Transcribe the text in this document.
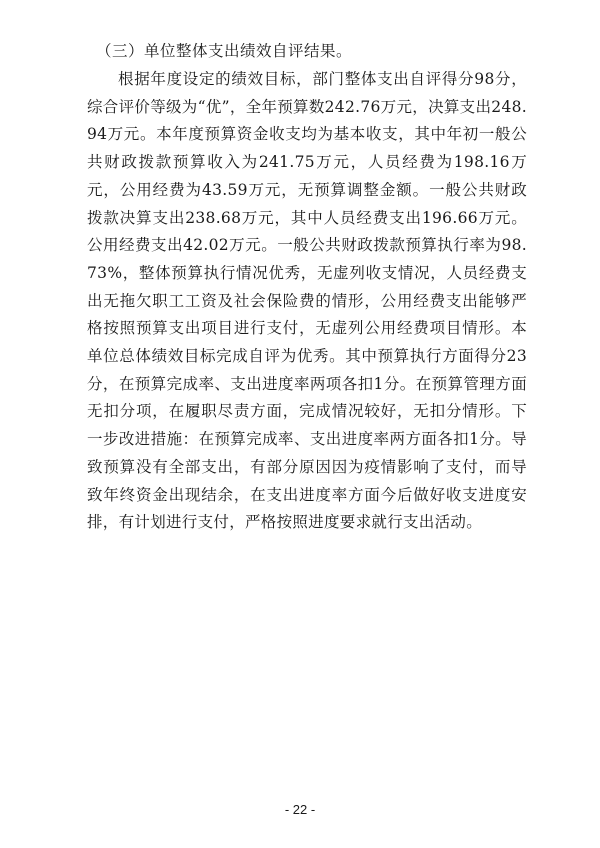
（三）单位整体支出绩效自评结果。

根据年度设定的绩效目标，部门整体支出自评得分98分，综合评价等级为“优”，全年预算数242.76万元，决算支出248.94万元。本年度预算资金收支均为基本收支，其中年初一般公共财政拨款预算收入为241.75万元，人员经费为198.16万元，公用经费为43.59万元，无预算调整金额。一般公共财政拨款决算支出238.68万元，其中人员经费支出196.66万元。公用经费支出42.02万元。一般公共财政拨款预算执行率为98.73%，整体预算执行情况优秀，无虚列收支情况，人员经费支出无拖欠职工工资及社会保险费的情形，公用经费支出能够严格按照预算支出项目进行支付，无虚列公用经费项目情形。本单位总体绩效目标完成自评为优秀。其中预算执行方面得分23分，在预算完成率、支出进度率两项各扣1分。在预算管理方面无扣分项，在履职尽责方面，完成情况较好，无扣分情形。下一步改进措施：在预算完成率、支出进度率两方面各扣1分。导致预算没有全部支出，有部分原因因为疫情影响了支付，而导致年终资金出现结余，在支出进度率方面今后做好收支进度安排，有计划进行支付，严格按照进度要求就行支出活动。

- 22 -
